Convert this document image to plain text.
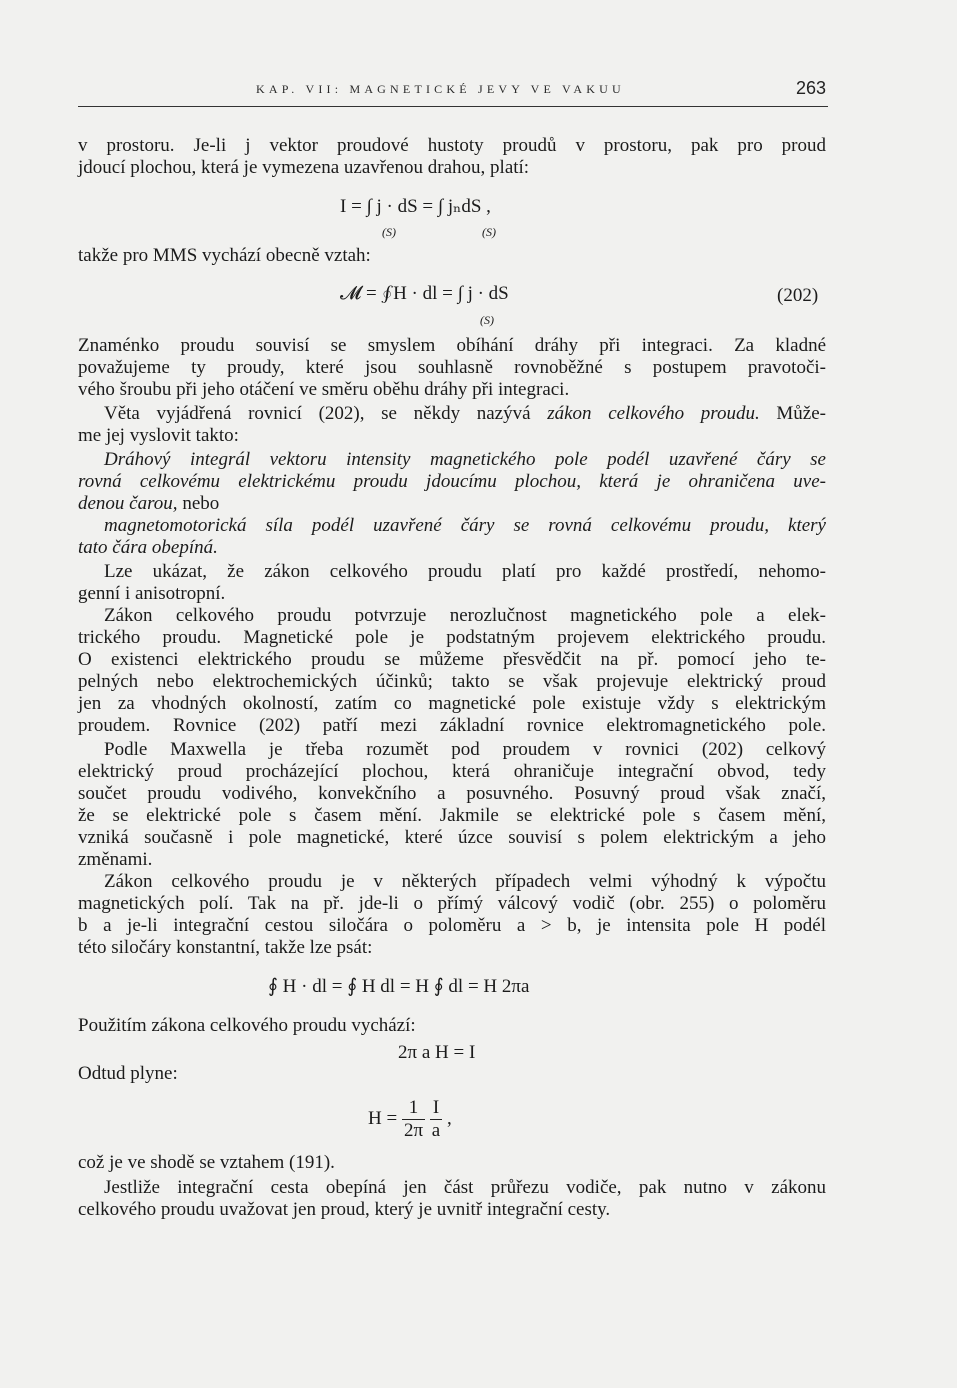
KAP. VII: MAGNETICKÉ JEVY VE VAKUU	263
v prostoru. Je-li j vektor proudové hustoty proudů v prostoru, pak pro proud
jdoucí plochou, která je vymezena uzavřenou drahou, platí:
I = ∫ j · dS = ∫ jₙdS ,
(S)	(S)
takže pro MMS vychází obecně vztah:
𝓜 = ∮H · dl = ∫ j · dS
(S)
(202)
Znaménko proudu souvisí se smyslem obíhání dráhy při integraci. Za kladné
považujeme ty proudy, které jsou souhlasně rovnoběžné s postupem pravotoči-
vého šroubu při jeho otáčení ve směru oběhu dráhy při integraci.
Věta vyjádřená rovnicí (202), se někdy nazývá zákon celkového proudu. Může-
me jej vyslovit takto:
Dráhový integrál vektoru intensity magnetického pole podél uzavřené čáry se
rovná celkovému elektrickému proudu jdoucímu plochou, která je ohraničena uve-
denou čarou, nebo
magnetomotorická síla podél uzavřené čáry se rovná celkovému proudu, který
tato čára obepíná.
Lze ukázat, že zákon celkového proudu platí pro každé prostředí, nehomo-
genní i anisotropní.
Zákon celkového proudu potvrzuje nerozlučnost magnetického pole a elek-
trického proudu. Magnetické pole je podstatným projevem elektrického proudu.
O existenci elektrického proudu se můžeme přesvědčit na př. pomocí jeho te-
pelných nebo elektrochemických účinků; takto se však projevuje elektrický proud
jen za vhodných okolností, zatím co magnetické pole existuje vždy s elektrickým
proudem. Rovnice (202) patří mezi základní rovnice elektromagnetického pole.
Podle Maxwella je třeba rozumět pod proudem v rovnici (202) celkový
elektrický proud procházející plochou, která ohraničuje integrační obvod, tedy
součet proudu vodivého, konvekčního a posuvného. Posuvný proud však značí,
že se elektrické pole s časem mění. Jakmile se elektrické pole s časem mění,
vzniká současně i pole magnetické, které úzce souvisí s polem elektrickým a jeho
změnami.
Zákon celkového proudu je v některých případech velmi výhodný k výpočtu
magnetických polí. Tak na př. jde-li o přímý válcový vodič (obr. 255) o poloměru
b a je-li integrační cestou siločára o poloměru a > b, je intensita pole H podél
této siločáry konstantní, takže lze psát:
∮ H · dl = ∮ H dl = H ∮ dl = H 2πa
Použitím zákona celkového proudu vychází:
2π a H = I
Odtud plyne:
$H = \frac{1}{2\pi}$
$\frac{I}{a}$ ,
což je ve shodě se vztahem (191).
Jestliže integrační cesta obepíná jen část průřezu vodiče, pak nutno v zákonu
celkového proudu uvažovat jen proud, který je uvnitř integrační cesty.
